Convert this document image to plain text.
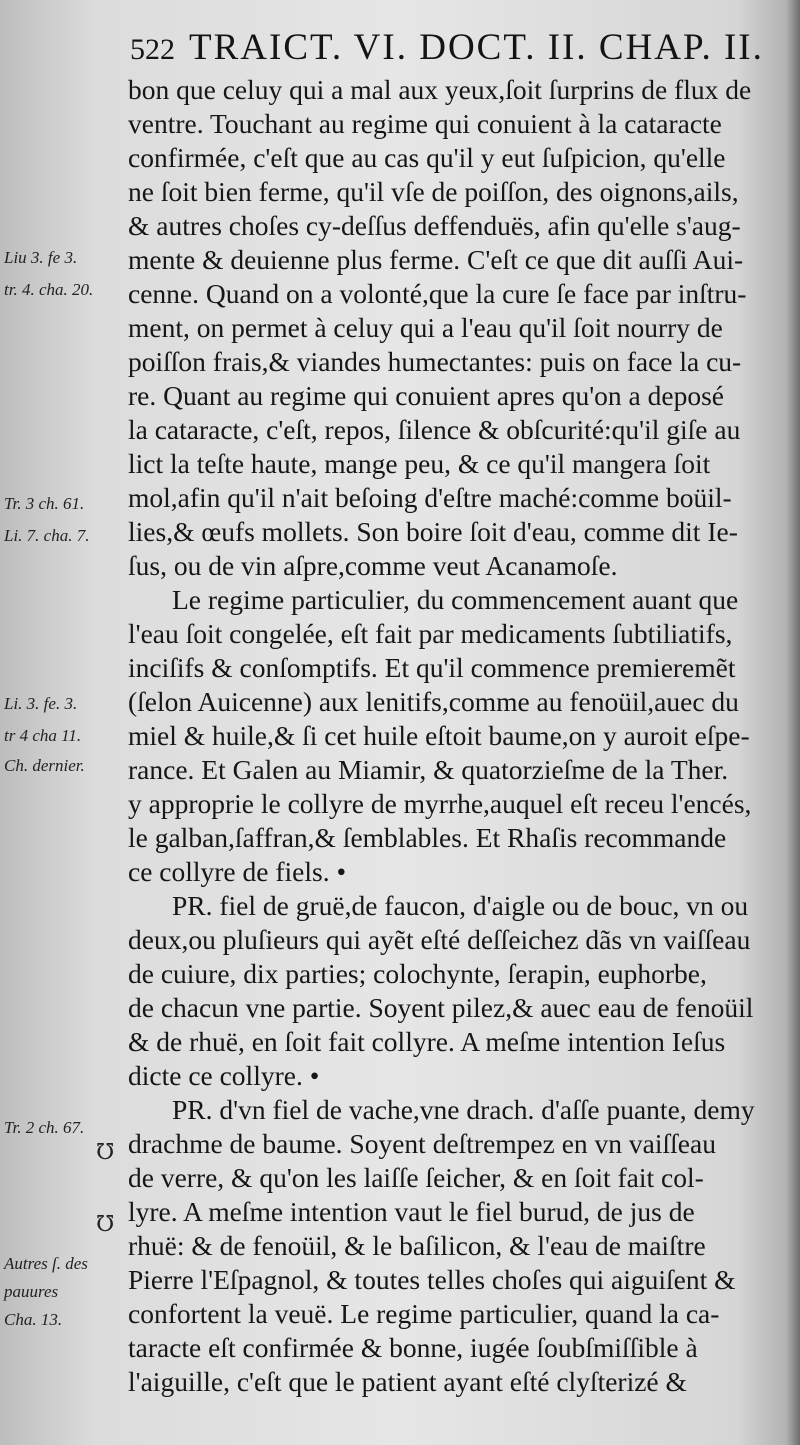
522 TRAICT. VI. DOCT. II. CHAP. II.
Liu 3. fe 3.
tr. 4. cha. 20.
Tr. 3 ch. 61.
Li. 7. cha. 7.
Li. 3. fe. 3.
tr 4 cha 11.
Ch. dernier.
Tr. 2 ch. 67.
Autres ſ. des
pauures
Cha. 13.
℧
℧
bon que celuy qui a mal aux yeux,ſoit ſurprins de flux de
ventre. Touchant au regime qui conuient à la cataracte
confirmée, c'eſt que au cas qu'il y eut ſuſpicion, qu'elle
ne ſoit bien ferme, qu'il vſe de poiſſon, des oignons,ails,
& autres choſes cy-deſſus deffenduës, afin qu'elle s'aug-
mente & deuienne plus ferme. C'eſt ce que dit auſſi Aui-
cenne. Quand on a volonté,que la cure ſe face par inſtru-
ment, on permet à celuy qui a l'eau qu'il ſoit nourry de
poiſſon frais,& viandes humectantes: puis on face la cu-
re. Quant au regime qui conuient apres qu'on a deposé
la cataracte, c'eſt, repos, ſilence & obſcurité:qu'il giſe au
lict la teſte haute, mange peu, & ce qu'il mangera ſoit
mol,afin qu'il n'ait beſoing d'eſtre maché:comme boüil-
lies,& œufs mollets. Son boire ſoit d'eau, comme dit Ie-
ſus, ou de vin aſpre,comme veut Acanamoſe.
Le regime particulier, du commencement auant que
l'eau ſoit congelée, eſt fait par medicaments ſubtiliatifs,
inciſifs & conſomptifs. Et qu'il commence premieremẽt
(ſelon Auicenne) aux lenitifs,comme au fenoüil,auec du
miel & huile,& ſi cet huile eſtoit baume,on y auroit eſpe-
rance. Et Galen au Miamir, & quatorzieſme de la Ther.
y approprie le collyre de myrrhe,auquel eſt receu l'encés,
le galban,ſaffran,& ſemblables. Et Rhaſis recommande
ce collyre de fiels. •
PR. fiel de gruë,de faucon, d'aigle ou de bouc, vn ou
deux,ou pluſieurs qui ayẽt eſté deſſeichez dãs vn vaiſſeau
de cuiure, dix parties; colochynte, ſerapin, euphorbe,
de chacun vne partie. Soyent pilez,& auec eau de fenoüil
& de rhuë, en ſoit fait collyre. A meſme intention Ieſus
dicte ce collyre. •
PR. d'vn fiel de vache,vne drach. d'aſſe puante, demy
drachme de baume. Soyent deſtrempez en vn vaiſſeau
de verre, & qu'on les laiſſe ſeicher, & en ſoit fait col-
lyre. A meſme intention vaut le fiel burud, de jus de
rhuë: & de fenoüil, & le baſilicon, & l'eau de maiſtre
Pierre l'Eſpagnol, & toutes telles choſes qui aiguiſent &
confortent la veuë. Le regime particulier, quand la ca-
taracte eſt confirmée & bonne, iugée ſoubſmiſſible à
l'aiguille, c'eſt que le patient ayant eſté clyſterizé &
